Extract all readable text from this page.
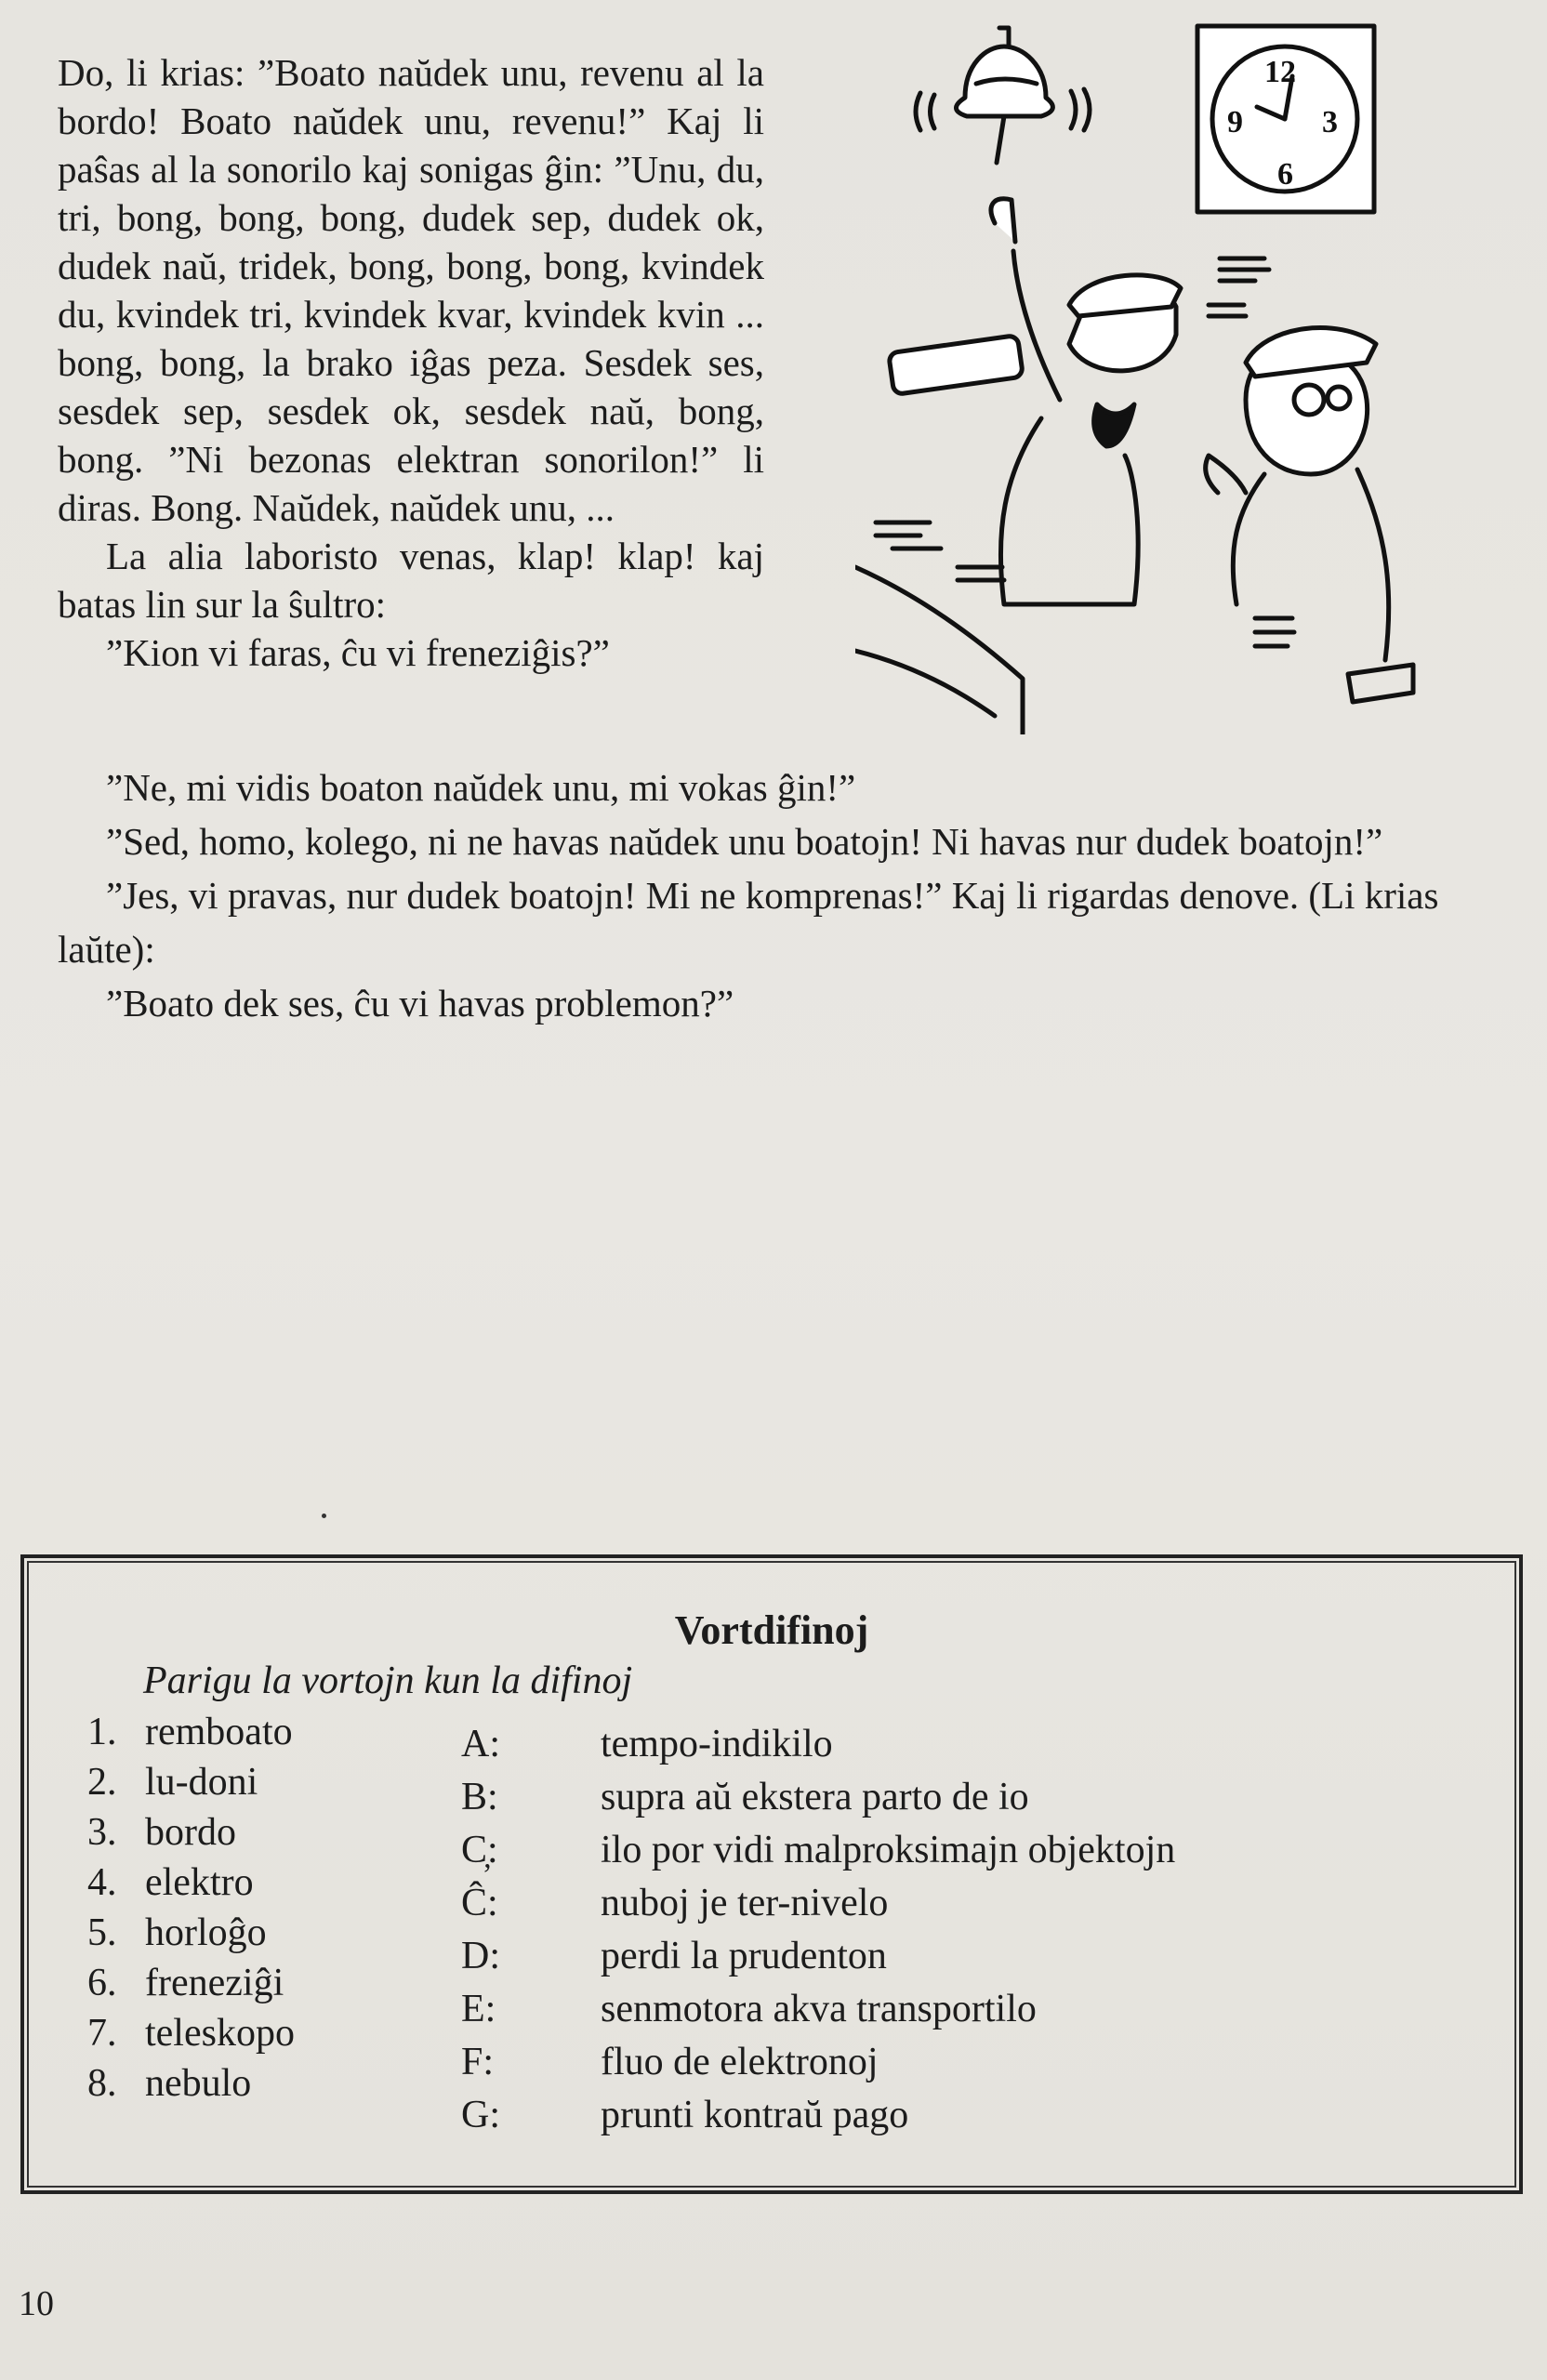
Do, li krias: ”Boato naŭdek unu, revenu al la bordo! Boato naŭdek unu, revenu!” Kaj li paŝas al la sonorilo kaj sonigas ĝin: ”Unu, du, tri, bong, bong, bong, dudek sep, dudek ok, dudek naŭ, tridek, bong, bong, bong, kvindek du, kvindek tri, kvindek kvar, kvindek kvin ... bong, bong, la brako iĝas peza. Sesdek ses, sesdek sep, sesdek ok, sesdek naŭ, bong, bong. ”Ni bezonas elektran sonorilon!” li diras. Bong. Naŭdek, naŭdek unu, ...

La alia laboristo venas, klap! klap! kaj batas lin sur la ŝultro:

”Kion vi faras, ĉu vi freneziĝis?”

12
3
6
9

”Ne, mi vidis boaton naŭdek unu, mi vokas ĝin!”

”Sed, homo, kolego, ni ne havas naŭdek unu boatojn! Ni havas nur dudek boatojn!”

”Jes, vi pravas, nur dudek boatojn! Mi ne komprenas!” Kaj li rigardas denove. (Li krias laŭte):

”Boato dek ses, ĉu vi havas problemon?”

Vortdifinoj
Parigu la vortojn kun la difinoj
1. remboato
2. lu-doni
3. bordo
4. elektro
5. horloĝo
6. freneziĝi
7. teleskopo
8. nebulo
A:	tempo-indikilo
B:	supra aŭ ekstera parto de io
C̦:	ilo por vidi malproksimajn objektojn
Ĉ:	nuboj je ter-nivelo
D:	perdi la prudenton
E:	senmotora akva transportilo
F:	fluo de elektronoj
G:	prunti kontraŭ pago
10
